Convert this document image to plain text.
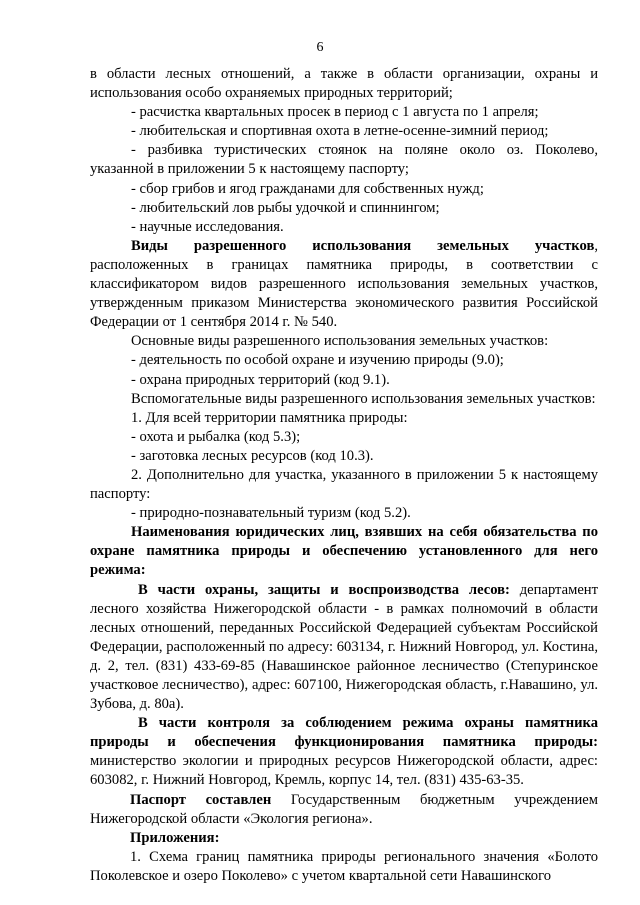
6

в области лесных отношений, а также в области организации, охраны и использования особо охраняемых природных территорий;

- расчистка квартальных просек в период с 1 августа по 1 апреля;

- любительская и спортивная охота в летне-осенне-зимний период;

- разбивка туристических стоянок на поляне около оз. Поколево, указанной в приложении 5 к настоящему паспорту;

- сбор грибов и ягод гражданами для собственных нужд;

- любительский лов рыбы удочкой и спиннингом;

- научные исследования.

Виды разрешенного использования земельных участков, расположенных в границах памятника природы, в соответствии с классификатором видов разрешенного использования земельных участков, утвержденным приказом Министерства экономического развития Российской Федерации от 1 сентября 2014 г. № 540.

Основные виды разрешенного использования земельных участков:

- деятельность по особой охране и изучению природы (9.0);

- охрана природных территорий (код 9.1).

Вспомогательные виды разрешенного использования земельных участков:

1. Для всей территории памятника природы:

- охота и рыбалка (код 5.3);

- заготовка лесных ресурсов (код 10.3).

2. Дополнительно для участка, указанного в приложении 5 к настоящему паспорту:

- природно-познавательный туризм (код 5.2).

Наименования юридических лиц, взявших на себя обязательства по охране памятника природы и обеспечению установленного для него режима:

В части охраны, защиты и воспроизводства лесов: департамент лесного хозяйства Нижегородской области - в рамках полномочий в области лесных отношений, переданных Российской Федерацией субъектам Российской Федерации, расположенный по адресу: 603134, г. Нижний Новгород, ул. Костина, д. 2, тел. (831) 433-69-85 (Навашинское районное лесничество (Степуринское участковое лесничество), адрес: 607100, Нижегородская область, г.Навашино, ул. Зубова, д. 80а).

В части контроля за соблюдением режима охраны памятника природы и обеспечения функционирования памятника природы: министерство экологии и природных ресурсов Нижегородской области, адрес: 603082, г. Нижний Новгород, Кремль, корпус 14, тел. (831) 435-63-35.

Паспорт составлен Государственным бюджетным учреждением Нижегородской области «Экология региона».

Приложения:

1. Схема границ памятника природы регионального значения «Болото Поколевское и озеро Поколево» с учетом квартальной сети Навашинского
